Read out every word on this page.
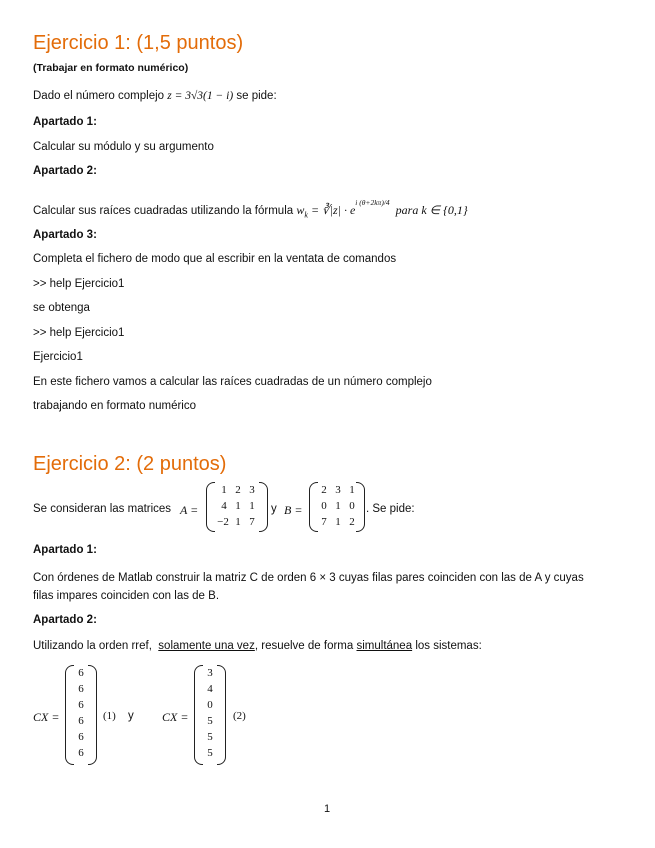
Ejercicio 1: (1,5 puntos)
(Trabajar en formato numérico)
Dado el número complejo z = 3√3(1 − i) se pide:
Apartado 1:
Calcular su módulo y su argumento
Apartado 2:
Calcular sus raíces cuadradas utilizando la fórmula $w_k$ = ∛|z| · $e^{i (\theta+2k\pi)/4}$  para k ∈ {0,1}
Apartado 3:
Completa el fichero de modo que al escribir en la ventata de comandos
>> help Ejercicio1
se obtenga
>> help Ejercicio1
Ejercicio1
En este fichero vamos a calcular las raíces cuadradas de un número complejo
trabajando en formato numérico
Ejercicio 2: (2 puntos)
Se consideran las matrices A =
1 2 3
4 1 1
−2 1 7
y B =
2 3 1
0 1 0
7 1 2
. Se pide:
Apartado 1:
Con órdenes de Matlab construir la matriz C de orden 6 × 3 cuyas filas pares coinciden con las de A y cuyas
filas impares coinciden con las de B.
Apartado 2:
Utilizando la orden rref, solamente una vez, resuelve de forma simultánea los sistemas:
CX =
6
6
6
6
6
6
(1) y CX =
3
4
0
5
5
5
(2)
1
